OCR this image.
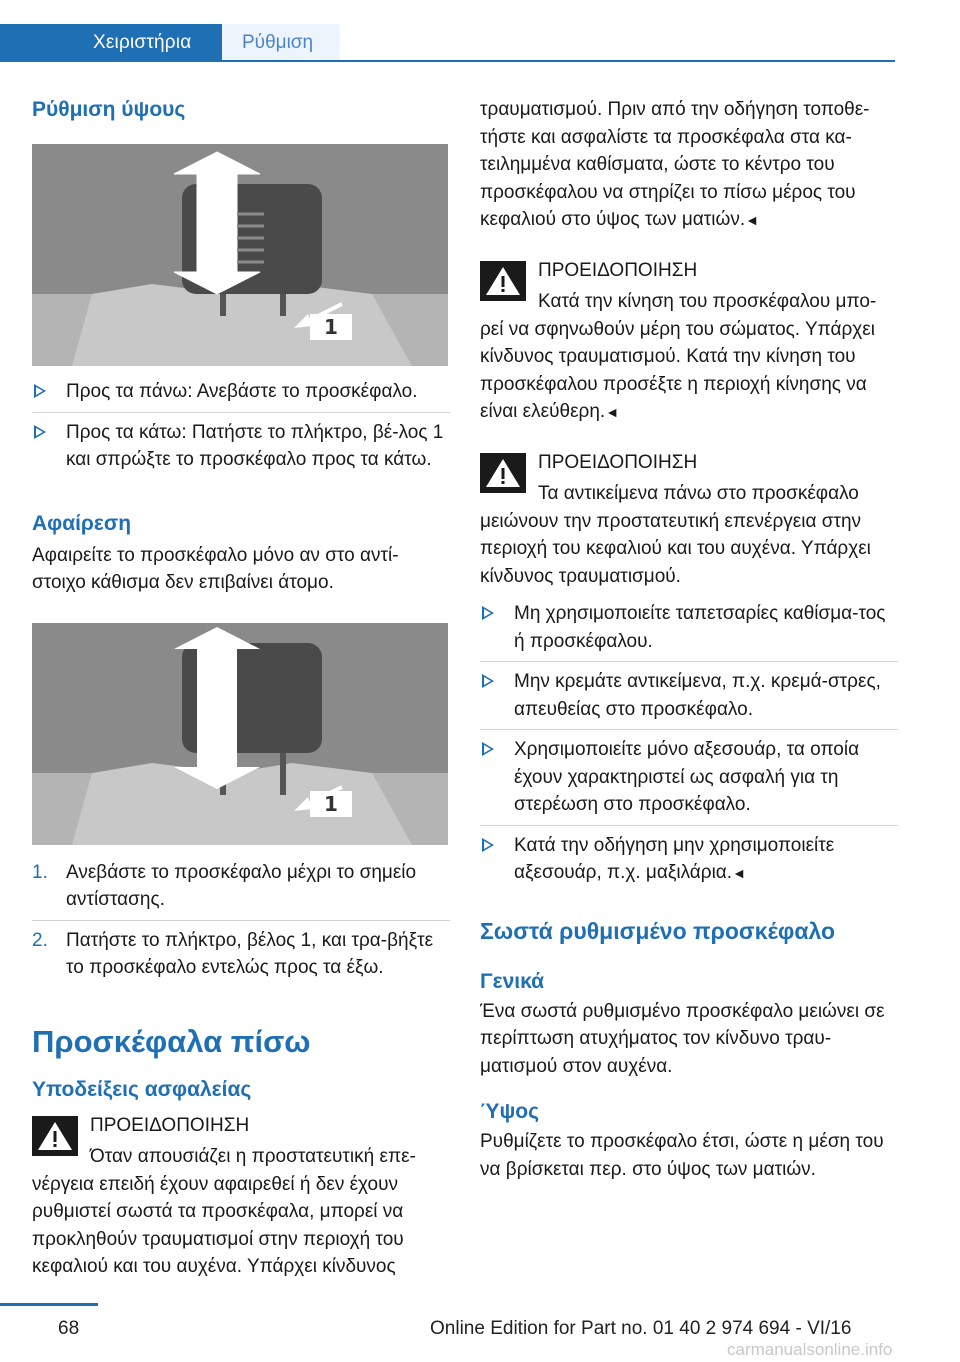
Χειριστήρια	Ρύθμιση
Ρύθμιση ύψους
1
Προς τα πάνω: Ανεβάστε το προσκέφαλο.
Προς τα κάτω: Πατήστε το πλήκτρο, βέ-λος 1 και σπρώξτε το προσκέφαλο προς τα κάτω.
Αφαίρεση

Αφαιρείτε το προσκέφαλο μόνο αν στο αντί-στοιχο κάθισμα δεν επιβαίνει άτομο.

1
1. Ανεβάστε το προσκέφαλο μέχρι το σημείο αντίστασης.
2. Πατήστε το πλήκτρο, βέλος 1, και τρα-βήξτε το προσκέφαλο εντελώς προς τα έξω.
Προσκέφαλα πίσω
Υποδείξεις ασφαλείας

ΠΡΟΕΙΔΟΠΟΙΗΣΗ

Όταν απουσιάζει η προστατευτική επε-νέργεια επειδή έχουν αφαιρεθεί ή δεν έχουν ρυθμιστεί σωστά τα προσκέφαλα, μπορεί να προκληθούν τραυματισμοί στην περιοχή του κεφαλιού και του αυχένα. Υπάρχει κίνδυνος

τραυματισμού. Πριν από την οδήγηση τοποθε-τήστε και ασφαλίστε τα προσκέφαλα στα κα-τειλημμένα καθίσματα, ώστε το κέντρο του προσκέφαλου να στηρίζει το πίσω μέρος του κεφαλιού στο ύψος των ματιών.◄

ΠΡΟΕΙΔΟΠΟΙΗΣΗ

Κατά την κίνηση του προσκέφαλου μπο-ρεί να σφηνωθούν μέρη του σώματος. Υπάρχει κίνδυνος τραυματισμού. Κατά την κίνηση του προσκέφαλου προσέξτε η περιοχή κίνησης να είναι ελεύθερη.◄

ΠΡΟΕΙΔΟΠΟΙΗΣΗ

Τα αντικείμενα πάνω στο προσκέφαλο μειώνουν την προστατευτική επενέργεια στην περιοχή του κεφαλιού και του αυχένα. Υπάρχει κίνδυνος τραυματισμού.

Μη χρησιμοποιείτε ταπετσαρίες καθίσμα-τος ή προσκέφαλου.
Μην κρεμάτε αντικείμενα, π.χ. κρεμά-στρες, απευθείας στο προσκέφαλο.
Χρησιμοποιείτε μόνο αξεσουάρ, τα οποία έχουν χαρακτηριστεί ως ασφαλή για τη στερέωση στο προσκέφαλο.
Κατά την οδήγηση μην χρησιμοποιείτε αξεσουάρ, π.χ. μαξιλάρια.◄
Σωστά ρυθμισμένο προσκέφαλο
Γενικά

Ένα σωστά ρυθμισμένο προσκέφαλο μειώνει σε περίπτωση ατυχήματος τον κίνδυνο τραυ-ματισμού στον αυχένα.

Ύψος

Ρυθμίζετε το προσκέφαλο έτσι, ώστε η μέση του να βρίσκεται περ. στο ύψος των ματιών.

68	Online Edition for Part no. 01 40 2 974 694 - VI/16
carmanualsonline.info
